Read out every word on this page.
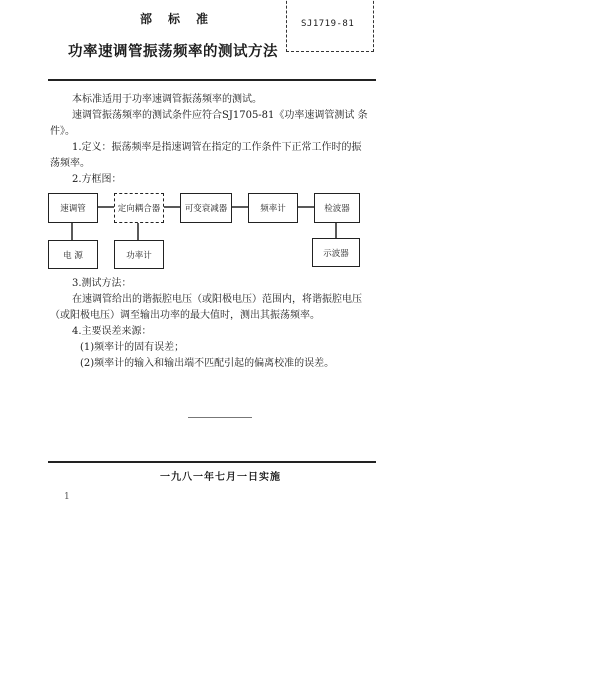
部标准
功率速调管振荡频率的测试方法
SJ1719-81
本标准适用于功率速调管振荡频率的测试。
速调管振荡频率的测试条件应符合SJ1705-81《功率速调管测试 条
件》。
1.定义：振荡频率是指速调管在指定的工作条件下正常工作时的振
荡频率。
2.方框图：
速调管	定向耦合器	可变衰减器	频率计	检波器
电 源	功率计	示波器
3.测试方法：
在速调管给出的谐振腔电压（或阳极电压）范围内，将谐振腔电压
（或阳极电压）调至输出功率的最大值时，测出其振荡频率。
4.主要误差来源：
(1)频率计的固有误差；
(2)频率计的输入和输出端不匹配引起的偏离校准的误差。
一九八一年七月一日实施
1
